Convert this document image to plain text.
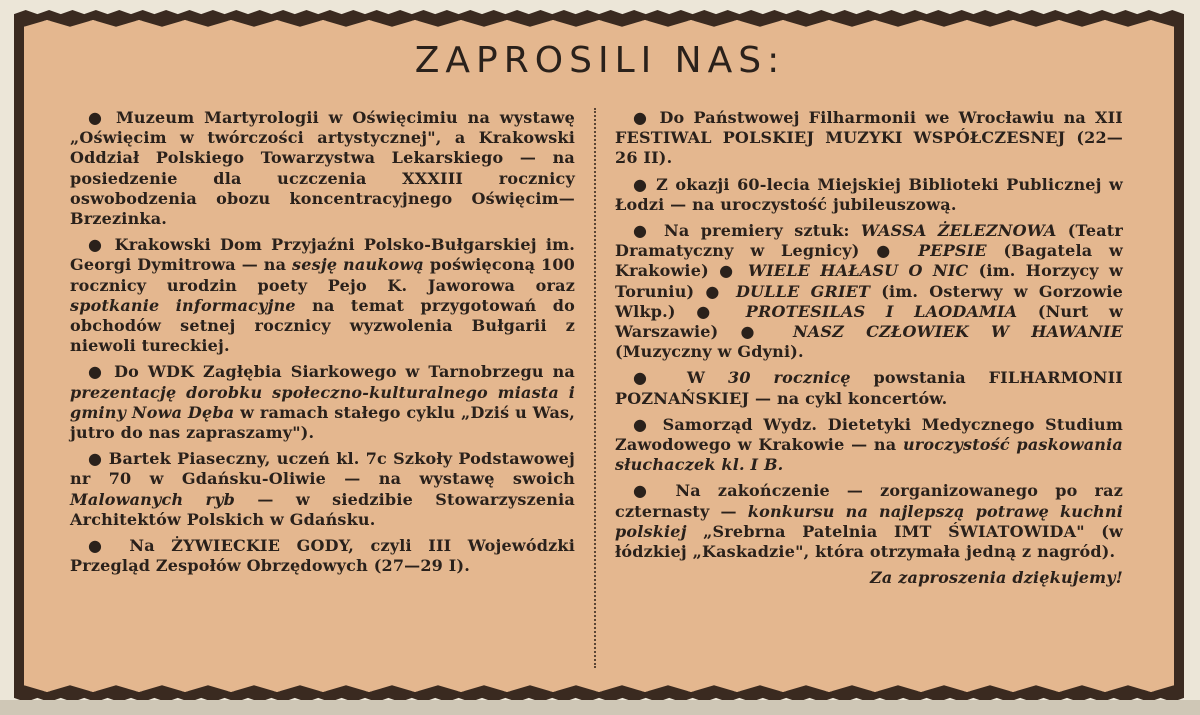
ZAPROSILI NAS:

● Muzeum Martyrologii w Oświęcimiu na wystawę „Oświęcim w twórczości artystycznej", a Krakowski Oddział Polskiego Towarzystwa Lekarskiego — na posiedzenie dla uczczenia XXXIII rocznicy oswobodzenia obozu koncentracyjnego Oświęcim—Brzezinka.

● Krakowski Dom Przyjaźni Polsko-Bułgarskiej im. Georgi Dymitrowa — na sesję naukową poświęconą 100 rocznicy urodzin poety Pejo K. Jaworowa oraz spotkanie informacyjne na temat przygotowań do obchodów setnej rocznicy wyzwolenia Bułgarii z niewoli tureckiej.

● Do WDK Zagłębia Siarkowego w Tarnobrzegu na prezentację dorobku społeczno-kulturalnego miasta i gminy Nowa Dęba w ramach stałego cyklu „Dziś u Was, jutro do nas zapraszamy").

● Bartek Piaseczny, uczeń kl. 7c Szkoły Podstawowej nr 70 w Gdańsku-Oliwie — na wystawę swoich Malowanych ryb — w siedzibie Stowarzyszenia Architektów Polskich w Gdańsku.

● Na ŻYWIECKIE GODY, czyli III Wojewódzki Przegląd Zespołów Obrzędowych (27—29 I).

● Do Państwowej Filharmonii we Wrocławiu na XII FESTIWAL POLSKIEJ MUZYKI WSPÓŁCZESNEJ (22—26 II).

● Z okazji 60-lecia Miejskiej Biblioteki Publicznej w Łodzi — na uroczystość jubileuszową.

● Na premiery sztuk: WASSA ŻELEZNOWA (Teatr Dramatyczny w Legnicy) ● PEPSIE (Bagatela w Krakowie) ● WIELE HAŁASU O NIC (im. Horzycy w Toruniu) ● DULLE GRIET (im. Osterwy w Gorzowie Wlkp.) ● PROTESILAS I LAODAMIA (Nurt w Warszawie) ● NASZ CZŁOWIEK W HAWANIE (Muzyczny w Gdyni).

● W 30 rocznicę powstania FILHARMONII POZNAŃSKIEJ — na cykl koncertów.

● Samorząd Wydz. Dietetyki Medycznego Studium Zawodowego w Krakowie — na uroczystość paskowania słuchaczek kl. I B.

● Na zakończenie — zorganizowanego po raz czternasty — konkursu na najlepszą potrawę kuchni polskiej „Srebrna Patelnia IMT ŚWIATOWIDA" (w łódzkiej „Kaskadzie", która otrzymała jedną z nagród).

Za zaproszenia dziękujemy!
